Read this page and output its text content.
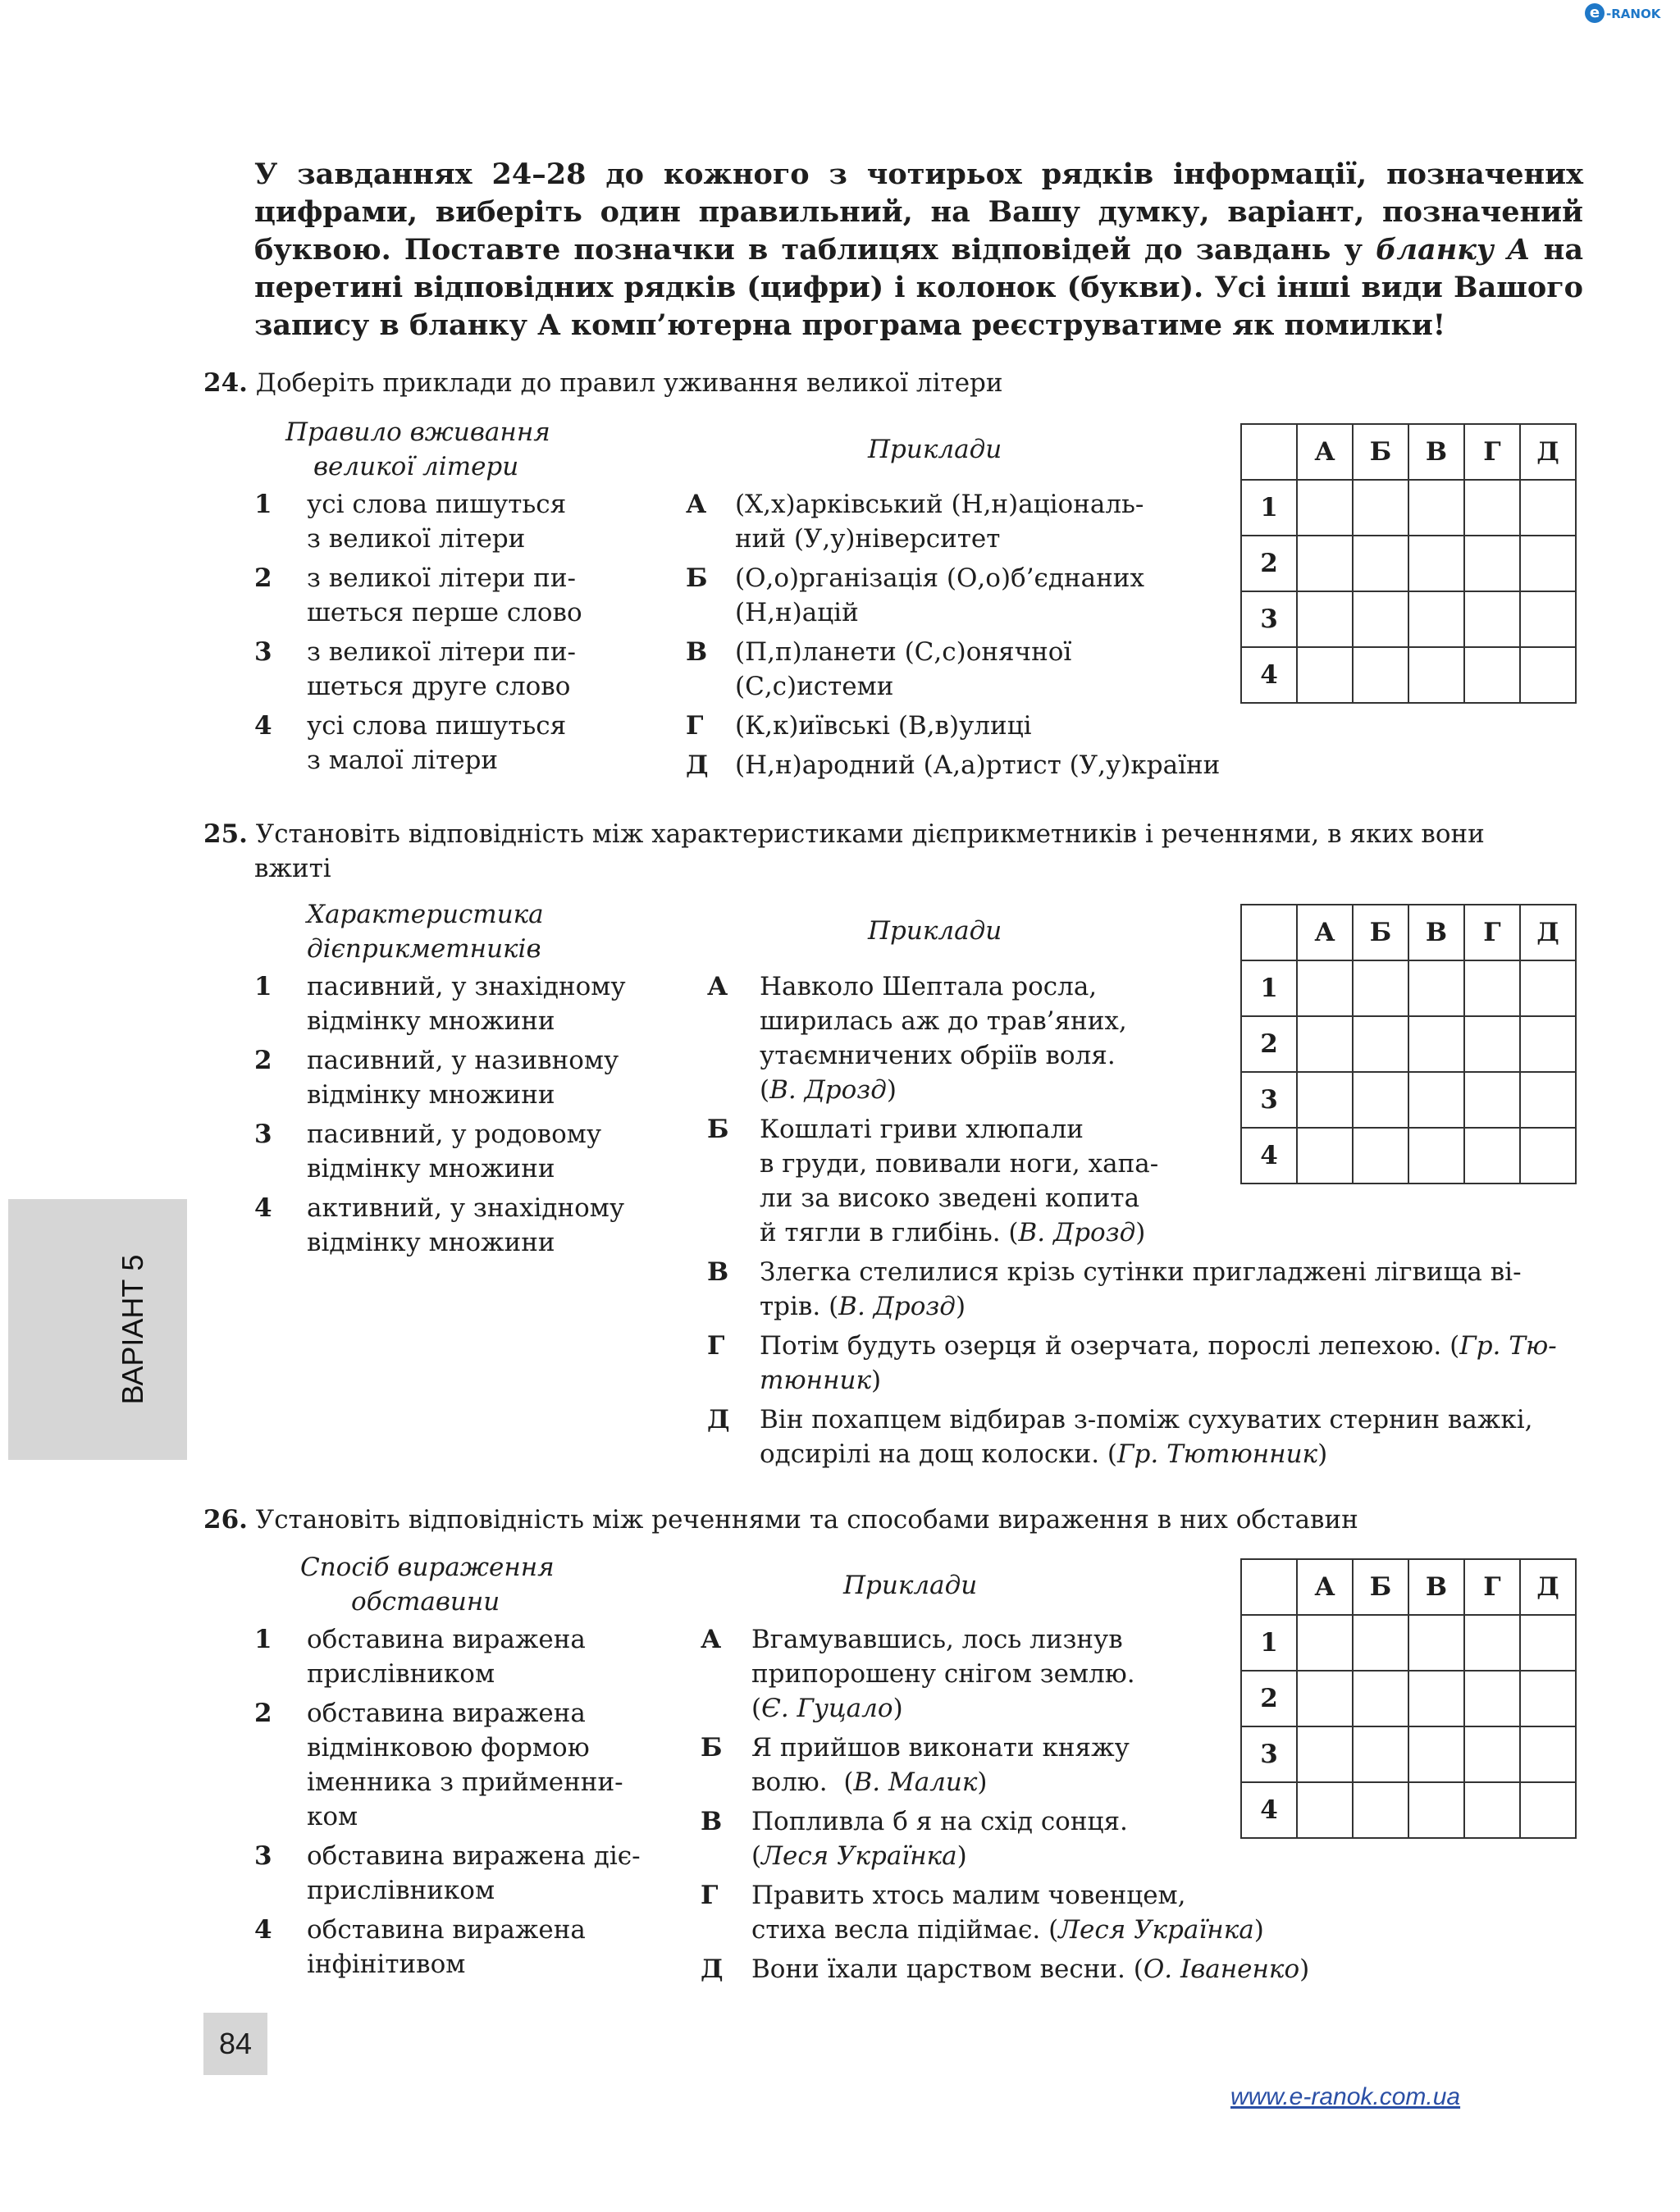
e -RANOK

У завданнях 24–28 до кожного з чотирьох рядків інформації, позначених цифрами, виберіть один правильний, на Вашу думку, варіант, позначений буквою. Поставте позначки в таблицях відповідей до завдань у бланку А на перетині відповідних рядків (цифри) і колонок (букви). Усі інші види Вашого запису в бланку А комп’ютерна програма реєструватиме як помилки!

24. Доберіть приклади до правил уживання великої літери
Правило вживання
великої літери
Приклади
1 усі слова пишуться
з великої літери
2 з великої літери пи-
шеться перше слово
3 з великої літери пи-
шеться друге слово
4 усі слова пишуться
з малої літери
А (Х,х)арківський (Н,н)аціональ-
ний (У,у)ніверситет
Б (О,о)рганізація (О,о)б’єднаних
(Н,н)ацій
В (П,п)ланети (С,с)онячної
(С,с)истеми
Г (К,к)иївські (В,в)улиці
Д (Н,н)ародний (А,а)ртист (У,у)країни
	А	Б	В	Г	Д
1					
2					
3					
4					
25. Установіть відповідність між характеристиками дієприкметників і реченнями, в яких вони
вжиті
Характеристика
дієприкметників
Приклади
1 пасивний, у знахідному
відмінку множини
2 пасивний, у називному
відмінку множини
3 пасивний, у родовому
відмінку множини
4 активний, у знахідному
відмінку множини
А Навколо Шептала росла,
ширилась аж до трав’яних,
утаємничених обріїв воля.
(В. Дрозд)
Б Кошлаті гриви хлюпали
в груди, повивали ноги, хапа-
ли за високо зведені копита
й тягли в глибінь. (В. Дрозд)
В Злегка стелилися крізь сутінки пригладжені лігвища ві-
трів. (В. Дрозд)
Г Потім будуть озерця й озерчата, порослі лепехою. (Гр. Тю-
тюнник)
Д Він похапцем відбирав з-поміж сухуватих стернин важкі,
одсирілі на дощ колоски. (Гр. Тютюнник)
	А	Б	В	Г	Д
1					
2					
3					
4					
26. Установіть відповідність між реченнями та способами вираження в них обставин
Спосіб вираження
обставини
Приклади
1 обставина виражена
прислівником
2 обставина виражена
відмінковою формою
іменника з прийменни-
ком
3 обставина виражена діє-
прислівником
4 обставина виражена
інфінітивом
А Вгамувавшись, лось лизнув
припорошену снігом землю.
(Є. Гуцало)
Б Я прийшов виконати княжу
волю.  (В. Малик)
В Попливла б я на схід сонця.
(Леся Українка)
Г Править хтось малим човенцем,
стиха весла підіймає. (Леся Українка)
Д Вони їхали царством весни. (О. Іваненко)
	А	Б	В	Г	Д
1					
2					
3					
4					
ВАРІАНТ 5
84
www.e-ranok.com.ua
